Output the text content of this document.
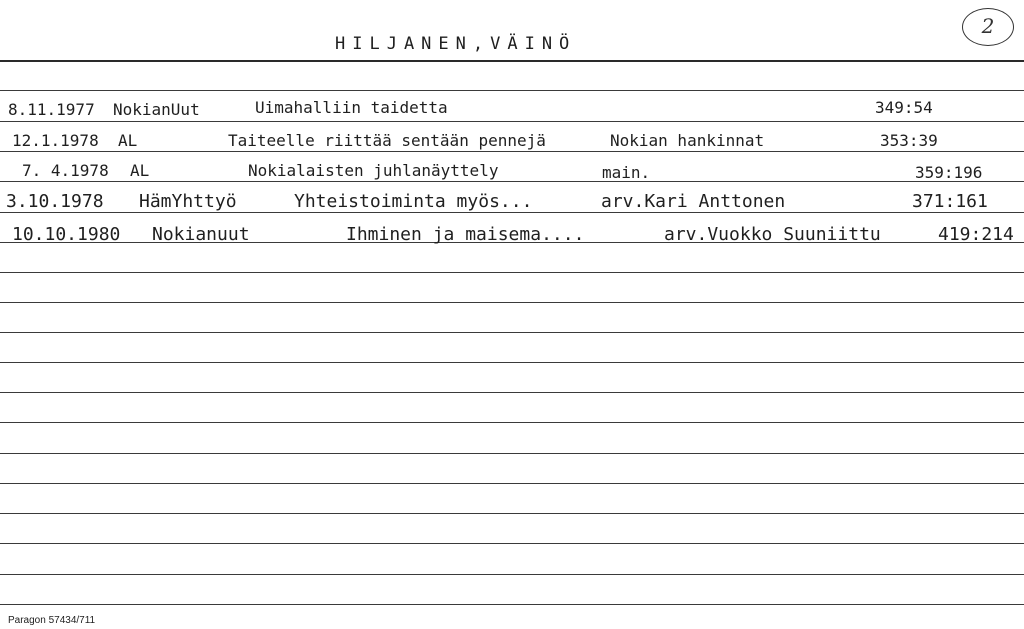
HILJANEN,VÄINÖ
2
8.11.1977 NokianUut	Uimahalliin taidetta	349:54
12.1.1978 AL	Taiteelle riittää sentään pennejä	Nokian hankinnat	353:39
7. 4.1978 AL	Nokialaisten juhlanäyttely	main.	359:196
3.10.1978 HämYhttyö	Yhteistoiminta myös...	arv.Kari Anttonen	371:161
10.10.1980 Nokianuut	Ihminen ja maisema....	arv.Vuokko Suuniittu	419:214
Paragon 57434/711
